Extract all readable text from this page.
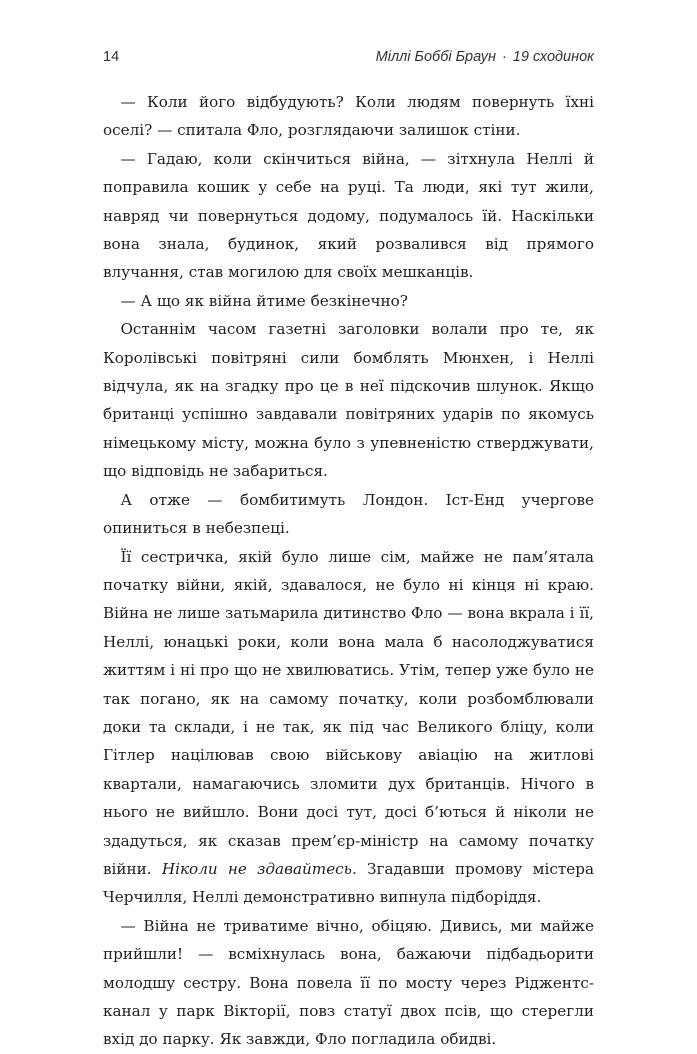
14	Міллі Боббі Браун · 19 сходинок

— Коли його відбудують? Коли людям повернуть їхні оселі? — спитала Фло, розглядаючи залишок стіни.

— Гадаю, коли скінчиться війна, — зітхнула Неллі й поправила кошик у себе на руці. Та люди, які тут жили, навряд чи повернуться додому, подумалось їй. Наскільки вона знала, будинок, який розвалився від прямого влучання, став могилою для своїх мешканців.

— А що як війна йтиме безкінечно?

Останнім часом газетні заголовки волали про те, як Королівські повітряні сили бомблять Мюнхен, і Неллі відчула, як на згадку про це в неї підскочив шлунок. Якщо британці успішно завдавали повітряних ударів по якомусь німецькому місту, можна було з упевненістю стверджувати, що відповідь не забариться.

А отже — бомбитимуть Лондон. Іст-Енд учергове опиниться в небезпеці.

Її сестричка, якій було лише сім, майже не пам’ятала початку війни, якій, здавалося, не було ні кінця ні краю. Війна не лише затьмарила дитинство Фло — вона вкрала і її, Неллі, юнацькі роки, коли вона мала б насолоджуватися життям і ні про що не хвилюватись. Утім, тепер уже було не так погано, як на самому початку, коли розбомблювали доки та склади, і не так, як під час Великого бліцу, коли Гітлер націлював свою військову авіацію на житлові квартали, намагаючись зломити дух британців. Нічого в нього не вийшло. Вони досі тут, досі б’ються й ніколи не здадуться, як сказав прем’єр-міністр на самому початку війни. Ніколи не здавайтесь. Згадавши промову містера Черчилля, Неллі демонстративно випнула підборіддя.

— Війна не триватиме вічно, обіцяю. Дивись, ми майже прийшли! — всміхнулась вона, бажаючи підбадьорити молодшу сестру. Вона повела її по мосту через Ріджентс-канал у парк Вікторії, повз статуї двох псів, що стерегли вхід до парку. Як завжди, Фло погладила обидві.
